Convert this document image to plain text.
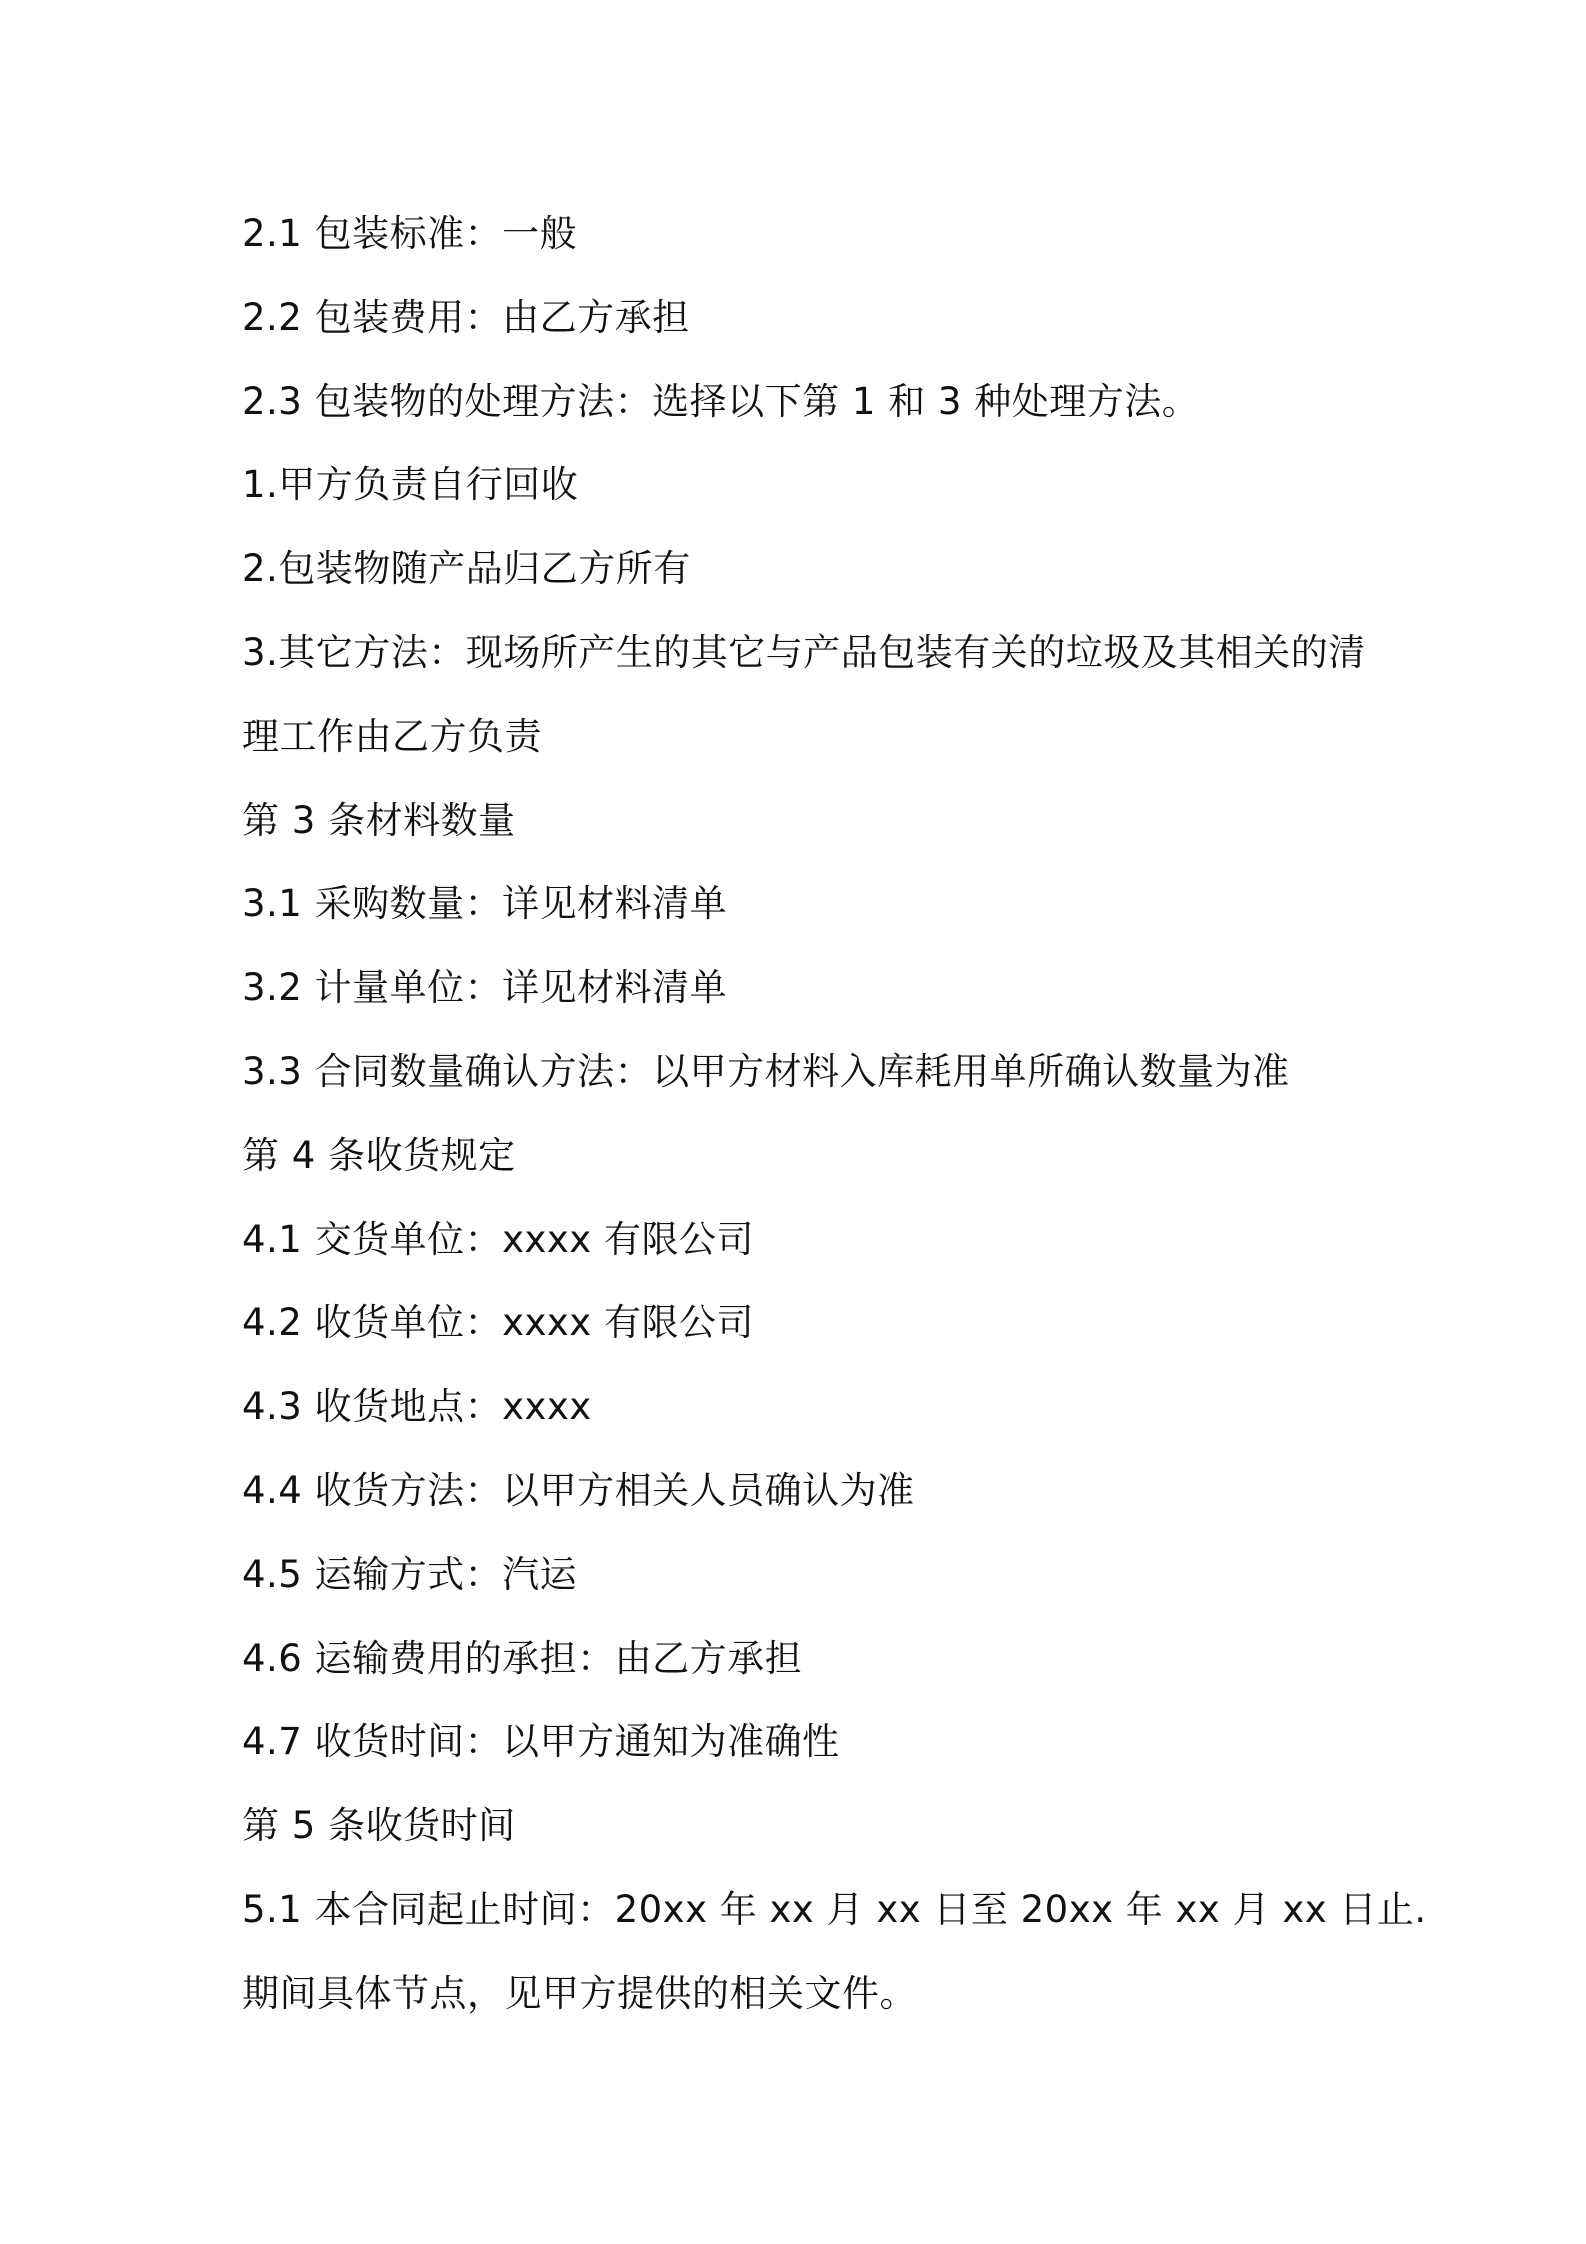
2.1 包装标准：一般
2.2 包装费用：由乙方承担
2.3 包装物的处理方法：选择以下第 1 和 3 种处理方法。
1.甲方负责自行回收
2.包装物随产品归乙方所有
3.其它方法：现场所产生的其它与产品包装有关的垃圾及其相关的清
理工作由乙方负责
第 3 条材料数量
3.1 采购数量：详见材料清单
3.2 计量单位：详见材料清单
3.3 合同数量确认方法：以甲方材料入库耗用单所确认数量为准
第 4 条收货规定
4.1 交货单位：xxxx 有限公司
4.2 收货单位：xxxx 有限公司
4.3 收货地点：xxxx
4.4 收货方法：以甲方相关人员确认为准
4.5 运输方式：汽运
4.6 运输费用的承担：由乙方承担
4.7 收货时间：以甲方通知为准确性
第 5 条收货时间
5.1 本合同起止时间：20xx 年 xx 月 xx 日至 20xx 年 xx 月 xx 日止.
期间具体节点，见甲方提供的相关文件。
